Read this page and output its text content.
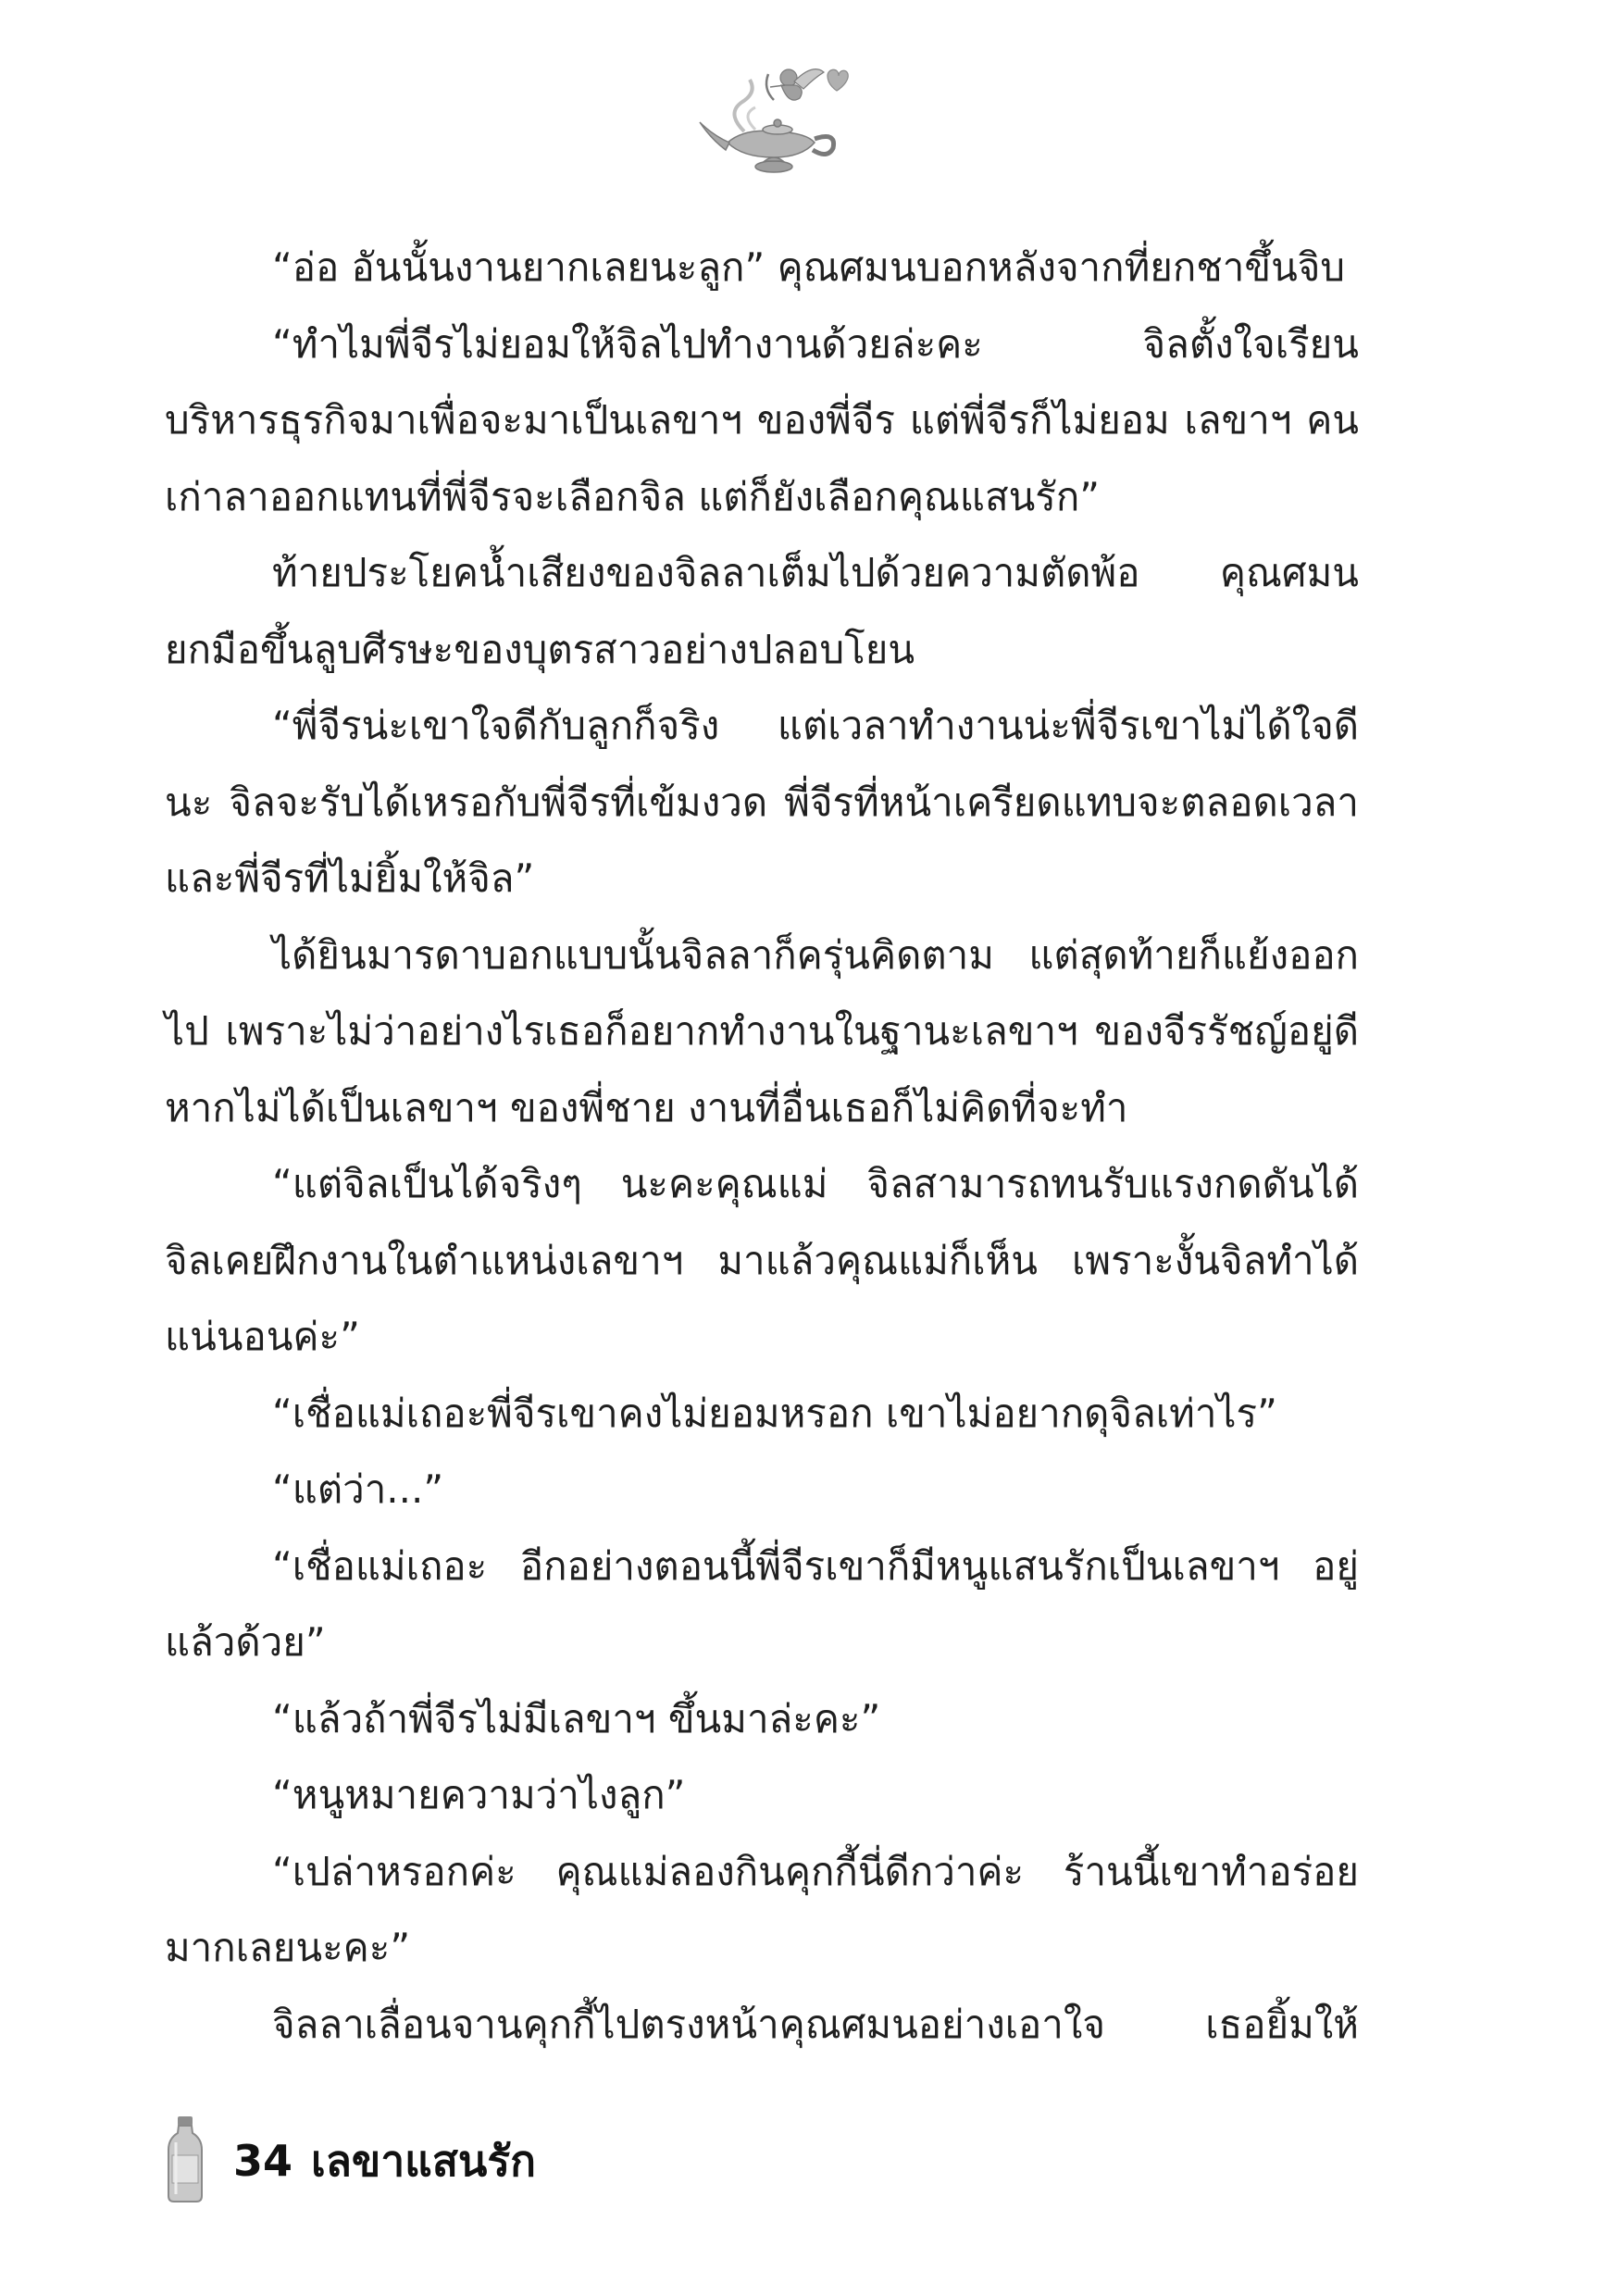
“อ่อ อันนั้นงานยากเลยนะลูก” คุณศมนบอกหลังจากที่ยกชาขึ้นจิบ

“ทำไมพี่จีรไม่ยอมให้จิลไปทำงานด้วยล่ะคะ จิลตั้งใจเรียนบริหารธุรกิจมาเพื่อจะมาเป็นเลขาฯ ของพี่จีร แต่พี่จีรก็ไม่ยอม เลขาฯ คนเก่าลาออกแทนที่พี่จีรจะเลือกจิล แต่ก็ยังเลือกคุณแสนรัก”

ท้ายประโยคน้ำเสียงของจิลลาเต็มไปด้วยความตัดพ้อ คุณศมนยกมือขึ้นลูบศีรษะของบุตรสาวอย่างปลอบโยน

“พี่จีรน่ะเขาใจดีกับลูกก็จริง แต่เวลาทำงานน่ะพี่จีรเขาไม่ได้ใจดีนะ จิลจะรับได้เหรอกับพี่จีรที่เข้มงวด พี่จีรที่หน้าเครียดแทบจะตลอดเวลา และพี่จีรที่ไม่ยิ้มให้จิล”

ได้ยินมารดาบอกแบบนั้นจิลลาก็ครุ่นคิดตาม แต่สุดท้ายก็แย้งออกไป เพราะไม่ว่าอย่างไรเธอก็อยากทำงานในฐานะเลขาฯ ของจีรรัชญ์อยู่ดี หากไม่ได้เป็นเลขาฯ ของพี่ชาย งานที่อื่นเธอก็ไม่คิดที่จะทำ

“แต่จิลเป็นได้จริงๆ นะคะคุณแม่ จิลสามารถทนรับแรงกดดันได้ จิลเคยฝึกงานในตำแหน่งเลขาฯ มาแล้วคุณแม่ก็เห็น เพราะงั้นจิลทำได้แน่นอนค่ะ”

“เชื่อแม่เถอะพี่จีรเขาคงไม่ยอมหรอก เขาไม่อยากดุจิลเท่าไร”

“แต่ว่า...”

“เชื่อแม่เถอะ อีกอย่างตอนนี้พี่จีรเขาก็มีหนูแสนรักเป็นเลขาฯ อยู่แล้วด้วย”

“แล้วถ้าพี่จีรไม่มีเลขาฯ ขึ้นมาล่ะคะ”

“หนูหมายความว่าไงลูก”

“เปล่าหรอกค่ะ คุณแม่ลองกินคุกกี้นี่ดีกว่าค่ะ ร้านนี้เขาทำอร่อยมากเลยนะคะ”

จิลลาเลื่อนจานคุกกี้ไปตรงหน้าคุณศมนอย่างเอาใจ เธอยิ้มให้

34 เลขาแสนรัก
